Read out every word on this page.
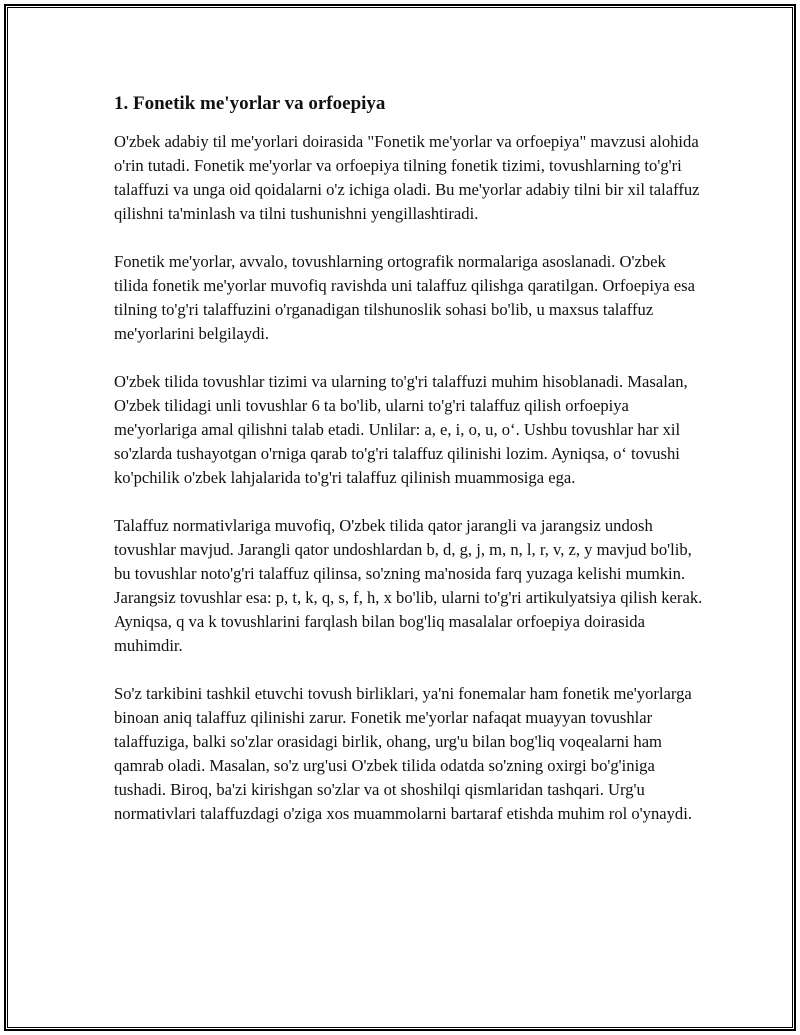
1. Fonetik me'yorlar va orfoepiya

O'zbek adabiy til me'yorlari doirasida "Fonetik me'yorlar va orfoepiya" mavzusi alohida o'rin tutadi. Fonetik me'yorlar va orfoepiya tilning fonetik tizimi, tovushlarning to'g'ri talaffuzi va unga oid qoidalarni o'z ichiga oladi. Bu me'yorlar adabiy tilni bir xil talaffuz qilishni ta'minlash va tilni tushunishni yengillashtiradi.

Fonetik me'yorlar, avvalo, tovushlarning ortografik normalariga asoslanadi. O'zbek tilida fonetik me'yorlar muvofiq ravishda uni talaffuz qilishga qaratilgan. Orfoepiya esa tilning to'g'ri talaffuzini o'rganadigan tilshunoslik sohasi bo'lib, u maxsus talaffuz me'yorlarini belgilaydi.

O'zbek tilida tovushlar tizimi va ularning to'g'ri talaffuzi muhim hisoblanadi. Masalan, O'zbek tilidagi unli tovushlar 6 ta bo'lib, ularni to'g'ri talaffuz qilish orfoepiya me'yorlariga amal qilishni talab etadi. Unlilar: a, e, i, o, u, o‘. Ushbu tovushlar har xil so'zlarda tushayotgan o'rniga qarab to'g'ri talaffuz qilinishi lozim. Ayniqsa, o‘ tovushi ko'pchilik o'zbek lahjalarida to'g'ri talaffuz qilinish muammosiga ega.

Talaffuz normativlariga muvofiq, O'zbek tilida qator jarangli va jarangsiz undosh tovushlar mavjud. Jarangli qator undoshlardan b, d, g, j, m, n, l, r, v, z, y mavjud bo'lib, bu tovushlar noto'g'ri talaffuz qilinsa, so'zning ma'nosida farq yuzaga kelishi mumkin. Jarangsiz tovushlar esa: p, t, k, q, s, f, h, x bo'lib, ularni to'g'ri artikulyatsiya qilish kerak. Ayniqsa, q va k tovushlarini farqlash bilan bog'liq masalalar orfoepiya doirasida muhimdir.

So'z tarkibini tashkil etuvchi tovush birliklari, ya'ni fonemalar ham fonetik me'yorlarga binoan aniq talaffuz qilinishi zarur. Fonetik me'yorlar nafaqat muayyan tovushlar talaffuziga, balki so'zlar orasidagi birlik, ohang, urg'u bilan bog'liq voqealarni ham qamrab oladi. Masalan, so'z urg'usi O'zbek tilida odatda so'zning oxirgi bo'g'iniga tushadi. Biroq, ba'zi kirishgan so'zlar va ot shoshilqi qismlaridan tashqari. Urg'u normativlari talaffuzdagi o'ziga xos muammolarni bartaraf etishda muhim rol o'ynaydi.
